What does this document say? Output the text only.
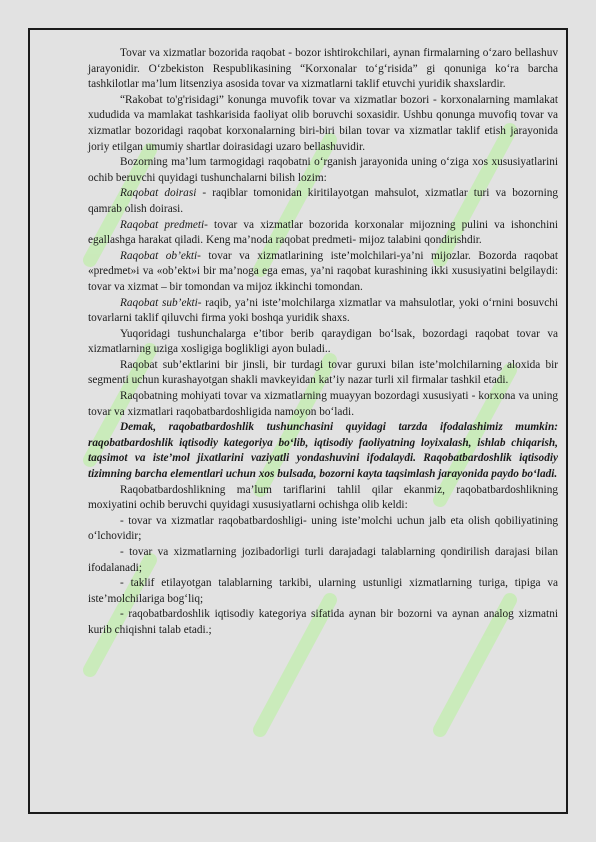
Tovar va xizmatlar bozorida raqobat - bozor ishtirokchilari, aynan firmalarning o‘zaro bellashuv jarayonidir. O‘zbekiston Respublikasining “Korxonalar to‘g‘risida” gi qonuniga ko‘ra barcha tashkilotlar ma’lum litsenziya asosida tovar va xizmatlarni taklif etuvchi yuridik shaxslardir.

“Rakobat to'g'risidagi” konunga muvofik tovar va xizmatlar bozori - korxonalarning mamlakat xududida va mamlakat tashkarisida faoliyat olib boruvchi soxasidir. Ushbu qonunga muvofiq tovar va xizmatlar bozoridagi raqobat korxonalarning biri-biri bilan tovar va xizmatlar taklif etish jarayonida joriy etilgan umumiy shartlar doirasidagi uzaro bellashuvidir.

Bozorning ma’lum tarmogidagi raqobatni o‘rganish jarayonida uning o‘ziga xos xususiyatlarini ochib beruvchi quyidagi tushunchalarni bilish lozim:

Raqobat doirasi - raqiblar tomonidan kiritilayotgan mahsulot, xizmatlar turi va bozorning qamrab olish doirasi.

Raqobat predmeti- tovar va xizmatlar bozorida korxonalar mijozning pulini va ishonchini egallashga harakat qiladi. Keng ma’noda raqobat predmeti- mijoz talabini qondirishdir.

Raqobat ob’ekti- tovar va xizmatlarining iste’molchilari-ya’ni mijozlar. Bozorda raqobat «predmet»i va «ob’ekt»i bir ma’noga ega emas, ya’ni raqobat kurashining ikki xususiyatini belgilaydi: tovar va xizmat – bir tomondan va mijoz ikkinchi tomondan.

Raqobat sub’ekti- raqib, ya’ni iste’molchilarga xizmatlar va mahsulotlar, yoki o‘rnini bosuvchi tovarlarni taklif qiluvchi firma yoki boshqa yuridik shaxs.

Yuqoridagi tushunchalarga e’tibor berib qaraydigan bo‘lsak, bozordagi raqobat tovar va xizmatlarning uziga xosligiga boglikligi ayon buladi..

Raqobat sub’ektlarini bir jinsli, bir turdagi tovar guruxi bilan iste’molchilarning aloxida bir segmenti uchun kurashayotgan shakli mavkeyidan kat’iy nazar turli xil firmalar tashkil etadi.

Raqobatning mohiyati tovar va xizmatlarning muayyan bozordagi xususiyati - korxona va uning tovar va xizmatlari raqobatbardoshligida namoyon bo‘ladi.

Demak, raqobatbardoshlik tushunchasini quyidagi tarzda ifodalashimiz mumkin: raqobatbardoshlik iqtisodiy kategoriya bo‘lib, iqtisodiy faoliyatning loyixalash, ishlab chiqarish, taqsimot va iste’mol jixatlarini vaziyatli yondashuvini ifodalaydi. Raqobatbardoshlik iqtisodiy tizimning barcha elementlari uchun xos bulsada, bozorni kayta taqsimlash jarayonida paydo bo‘ladi.

Raqobatbardoshlikning ma’lum tariflarini tahlil qilar ekanmiz, raqobatbardoshlikning moxiyatini ochib beruvchi quyidagi xususiyatlarni ochishga olib keldi:

- tovar va xizmatlar raqobatbardoshligi- uning iste’molchi uchun jalb eta olish qobiliyatining o‘lchovidir;

- tovar va xizmatlarning jozibadorligi turli darajadagi talablarning qondirilish darajasi bilan ifodalanadi;

- taklif etilayotgan talablarning tarkibi, ularning ustunligi xizmatlarning turiga, tipiga va iste’molchilariga bog‘liq;

- raqobatbardoshlik iqtisodiy kategoriya sifatida aynan bir bozorni va aynan analog xizmatni kurib chiqishni talab etadi.;
